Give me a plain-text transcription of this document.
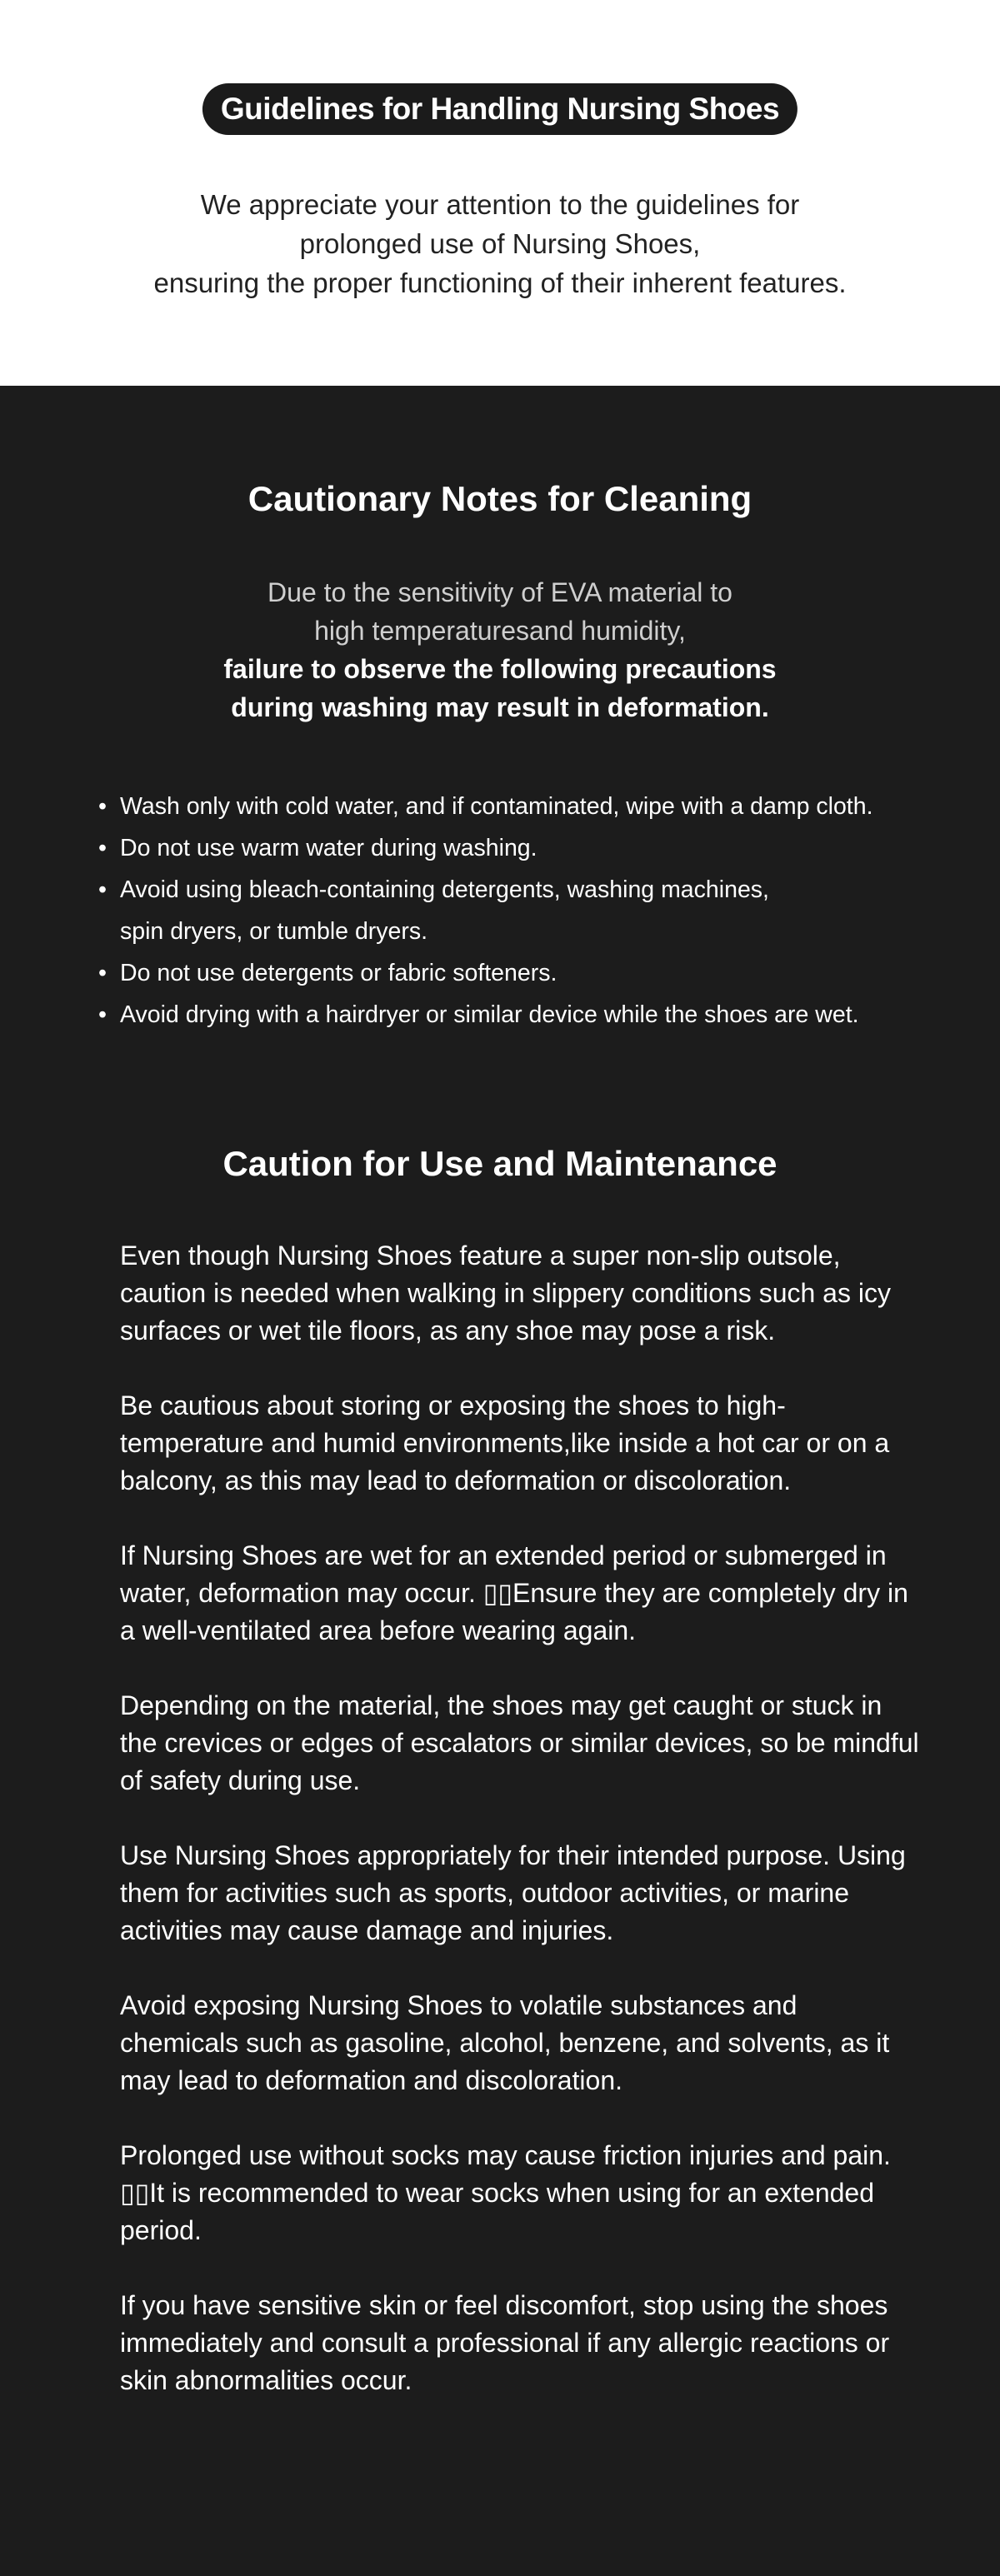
Guidelines for Handling Nursing Shoes
We appreciate your attention to the guidelines for
prolonged use of Nursing Shoes,
ensuring the proper functioning of their inherent features.
Cautionary Notes for Cleaning
Due to the sensitivity of EVA material to
high temperaturesand humidity,
failure to observe the following precautions
during washing may result in deformation.
• Wash only with cold water, and if contaminated, wipe with a damp cloth.
• Do not use warm water during washing.
• Avoid using bleach-containing detergents, washing machines,
spin dryers, or tumble dryers.
• Do not use detergents or fabric softeners.
• Avoid drying with a hairdryer or similar device while the shoes are wet.
Caution for Use and Maintenance

Even though Nursing Shoes feature a super non-slip outsole, caution is needed when walking in slippery conditions such as icy surfaces or wet tile floors, as any shoe may pose a risk.

Be cautious about storing or exposing the shoes to high-temperature and humid environments,like inside a hot car or on a balcony, as this may lead to deformation or discoloration.

If Nursing Shoes are wet for an extended period or submerged in water, deformation may occur. ▯▯Ensure they are completely dry in a well-ventilated area before wearing again.

Depending on the material, the shoes may get caught or stuck in the crevices or edges of escalators or similar devices, so be mindful of safety during use.

Use Nursing Shoes appropriately for their intended purpose. Using them for activities such as sports, outdoor activities, or marine activities may cause damage and injuries.

Avoid exposing Nursing Shoes to volatile substances and chemicals such as gasoline, alcohol, benzene, and solvents, as it may lead to deformation and discoloration.

Prolonged use without socks may cause friction injuries and pain. ▯▯It is recommended to wear socks when using for an extended period.

If you have sensitive skin or feel discomfort, stop using the shoes immediately and consult a professional if any allergic reactions or skin abnormalities occur.
